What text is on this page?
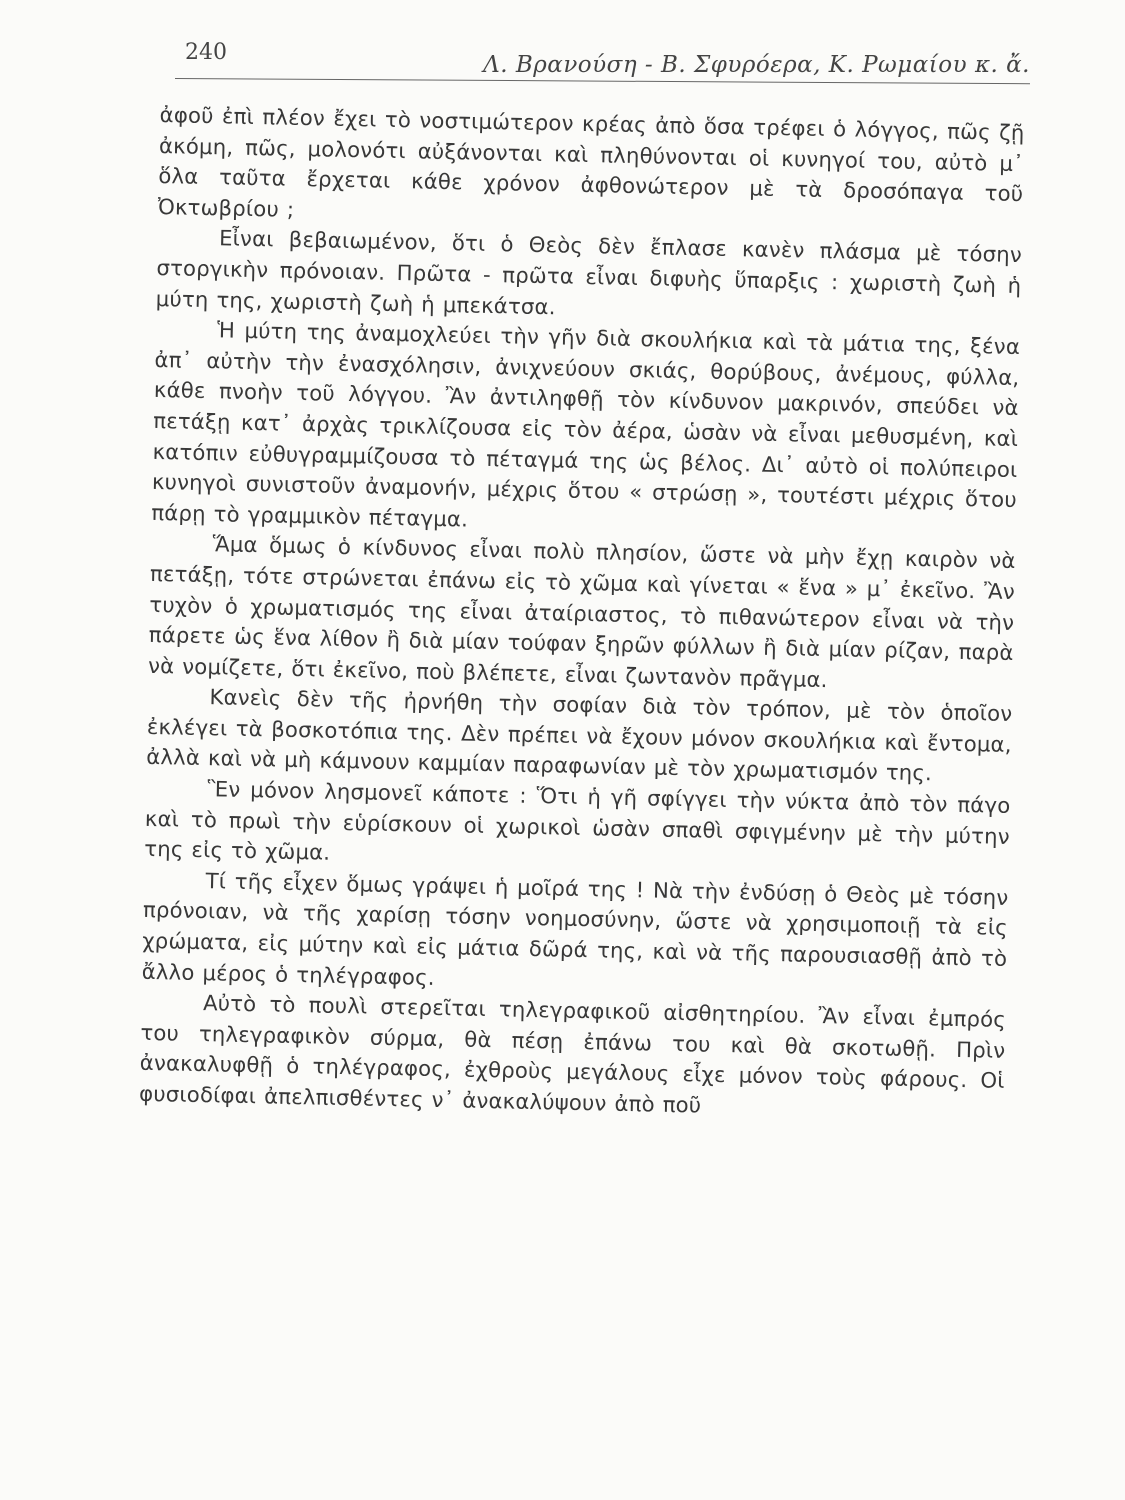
240	Λ. Βρανούση - Β. Σφυρόερα, Κ. Ρωμαίου κ. ἄ.

ἀφοῦ ἐπὶ πλέον ἔχει τὸ νοστιμώτερον κρέας ἀπὸ ὅσα τρέφει ὁ λόγγος, πῶς ζῇ ἀκόμη, πῶς, μολονότι αὐξάνονται καὶ πληθύνονται οἱ κυνηγοί του, αὐτὸ μ᾽ ὅλα ταῦτα ἔρχεται κάθε χρόνον ἀφθονώτερον μὲ τὰ δροσόπαγα τοῦ Ὀκτωβρίου ;

Εἶναι βεβαιωμένον, ὅτι ὁ Θεὸς δὲν ἔπλασε κανὲν πλάσμα μὲ τόσην στοργικὴν πρόνοιαν. Πρῶτα - πρῶτα εἶναι διφυὴς ὕπαρξις : χωριστὴ ζωὴ ἡ μύτη της, χωριστὴ ζωὴ ἡ μπεκάτσα.

Ἡ μύτη της ἀναμοχλεύει τὴν γῆν διὰ σκουλήκια καὶ τὰ μάτια της, ξένα ἀπ᾽ αὐτὴν τὴν ἐνασχόλησιν, ἀνιχνεύουν σκιάς, θορύβους, ἀνέμους, φύλλα, κάθε πνοὴν τοῦ λόγγου. Ἂν ἀντιληφθῇ τὸν κίνδυνον μακρινόν, σπεύδει νὰ πετάξῃ κατ᾽ ἀρχὰς τρικλίζουσα εἰς τὸν ἀέρα, ὡσὰν νὰ εἶναι μεθυσμένη, καὶ κατόπιν εὐθυγραμμίζουσα τὸ πέταγμά της ὡς βέλος. Δι᾽ αὐτὸ οἱ πολύπειροι κυνηγοὶ συνιστοῦν ἀναμονήν, μέχρις ὅτου « στρώσῃ », τουτέστι μέχρις ὅτου πάρῃ τὸ γραμμικὸν πέταγμα.

Ἅμα ὅμως ὁ κίνδυνος εἶναι πολὺ πλησίον, ὥστε νὰ μὴν ἔχῃ καιρὸν νὰ πετάξῃ, τότε στρώνεται ἐπάνω εἰς τὸ χῶμα καὶ γίνεται « ἕνα » μ᾽ ἐκεῖνο. Ἂν τυχὸν ὁ χρωματισμός της εἶναι ἀταίριαστος, τὸ πιθανώτερον εἶναι νὰ τὴν πάρετε ὡς ἕνα λίθον ἢ διὰ μίαν τούφαν ξηρῶν φύλλων ἢ διὰ μίαν ρίζαν, παρὰ νὰ νομίζετε, ὅτι ἐκεῖνο, ποὺ βλέπετε, εἶναι ζωντανὸν πρᾶγμα.

Κανεὶς δὲν τῆς ἠρνήθη τὴν σοφίαν διὰ τὸν τρόπον, μὲ τὸν ὁποῖον ἐκλέγει τὰ βοσκοτόπια της. Δὲν πρέπει νὰ ἔχουν μόνον σκουλήκια καὶ ἔντομα, ἀλλὰ καὶ νὰ μὴ κάμνουν καμμίαν παραφωνίαν μὲ τὸν χρωματισμόν της.

Ἓν μόνον λησμονεῖ κάποτε : Ὅτι ἡ γῆ σφίγγει τὴν νύκτα ἀπὸ τὸν πάγο καὶ τὸ πρωὶ τὴν εὑρίσκουν οἱ χωρικοὶ ὡσὰν σπαθὶ σφιγμένην μὲ τὴν μύτην της εἰς τὸ χῶμα.

Τί τῆς εἶχεν ὅμως γράψει ἡ μοῖρά της ! Νὰ τὴν ἐνδύσῃ ὁ Θεὸς μὲ τόσην πρόνοιαν, νὰ τῆς χαρίσῃ τόσην νοημοσύνην, ὥστε νὰ χρησιμοποιῇ τὰ εἰς χρώματα, εἰς μύτην καὶ εἰς μάτια δῶρά της, καὶ νὰ τῆς παρουσιασθῇ ἀπὸ τὸ ἄλλο μέρος ὁ τηλέγραφος.

Αὐτὸ τὸ πουλὶ στερεῖται τηλεγραφικοῦ αἰσθητηρίου. Ἂν εἶναι ἐμπρός του τηλεγραφικὸν σύρμα, θὰ πέσῃ ἐπάνω του καὶ θὰ σκοτωθῇ. Πρὶν ἀνακαλυφθῇ ὁ τηλέγραφος, ἐχθροὺς μεγάλους εἶχε μόνον τοὺς φάρους. Οἱ φυσιοδίφαι ἀπελπισθέντες ν᾽ ἀνακαλύψουν ἀπὸ ποῦ
